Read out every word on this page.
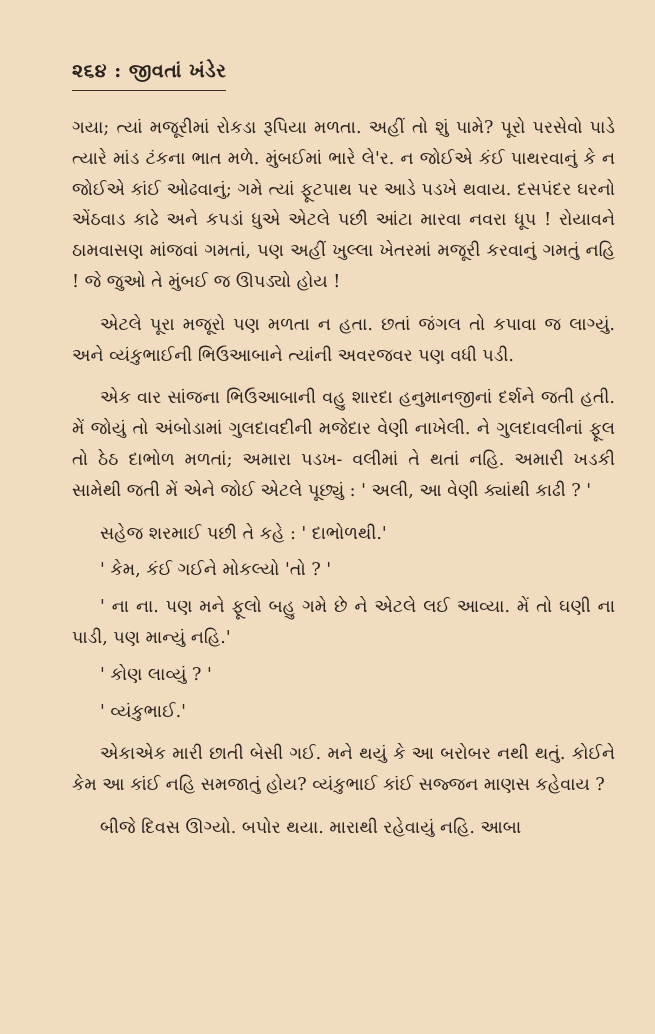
૨૬૪ : જીવતાં ખંડેર

ગયા; ત્યાં મજૂરીમાં રોકડા રૂપિયા મળતા. અહીં તો શું પામે? પૂરો પરસેવો પાડે ત્યારે માંડ ટંકના ભાત મળે. મુંબઈમાં ભારે લે'ર. ન જોઈએ કંઈ પાથરવાનું કે ન જોઈએ કાંઈ ઓઢવાનું; ગમે ત્યાં ફૂટપાથ પર આડે પડખે થવાય. દસપંદર ઘરનો એંઠવાડ કાઢે અને કપડાં ધુએ એટલે પછી આંટા મારવા નવરા ધૂપ ! રોયાવને ઠામવાસણ માંજવાં ગમતાં, પણ અહીં ખુલ્લા ખેતરમાં મજૂરી કરવાનું ગમતું નહિ ! જે જુઓ તે મુંબઈ જ ઊપડ્યો હોય !

એટલે પૂરા મજૂરો પણ મળતા ન હતા. છતાં જંગલ તો કપાવા જ લાગ્યું. અને વ્યંકુભાઈની ભિઉઆબાને ત્યાંની અવરજવર પણ વધી પડી.

એક વાર સાંજના ભિઉઆબાની વહુ શારદા હનુમાનજીનાં દર્શને જતી હતી. મેં જોયું તો અંબોડામાં ગુલદાવદીની મજેદાર વેણી નાખેલી. ને ગુલદાવલીનાં ફૂલ તો ઠેઠ દાભોળ મળતાં; અમારા પડખ- વલીમાં તે થતાં નહિ. અમારી ખડકી સામેથી જતી મેં એને જોઈ એટલે પૂછ્યું : ' અલી, આ વેણી ક્યાંથી કાઢી ? '

સહેજ શરમાઈ પછી તે કહે : ' દાભોળથી.'

' કેમ, કંઈ ગઈને મોકલ્યો 'તો ? '

' ના ના. પણ મને ફૂલો બહુ ગમે છે ને એટલે લઈ આવ્યા. મેં તો ઘણી ના પાડી, પણ માન્યું નહિ.'

' કોણ લાવ્યું ? '

' વ્યંકુભાઈ.'

એકાએક મારી છાતી બેસી ગઈ. મને થયું કે આ બરોબર નથી થતું. કોઈને કેમ આ કાંઈ નહિ સમજાતું હોય? વ્યંકુભાઈ કાંઈ સજ્જન માણસ કહેવાય ?

બીજે દિવસ ઊગ્યો. બપોર થયા. મારાથી રહેવાયું નહિ. આબા
